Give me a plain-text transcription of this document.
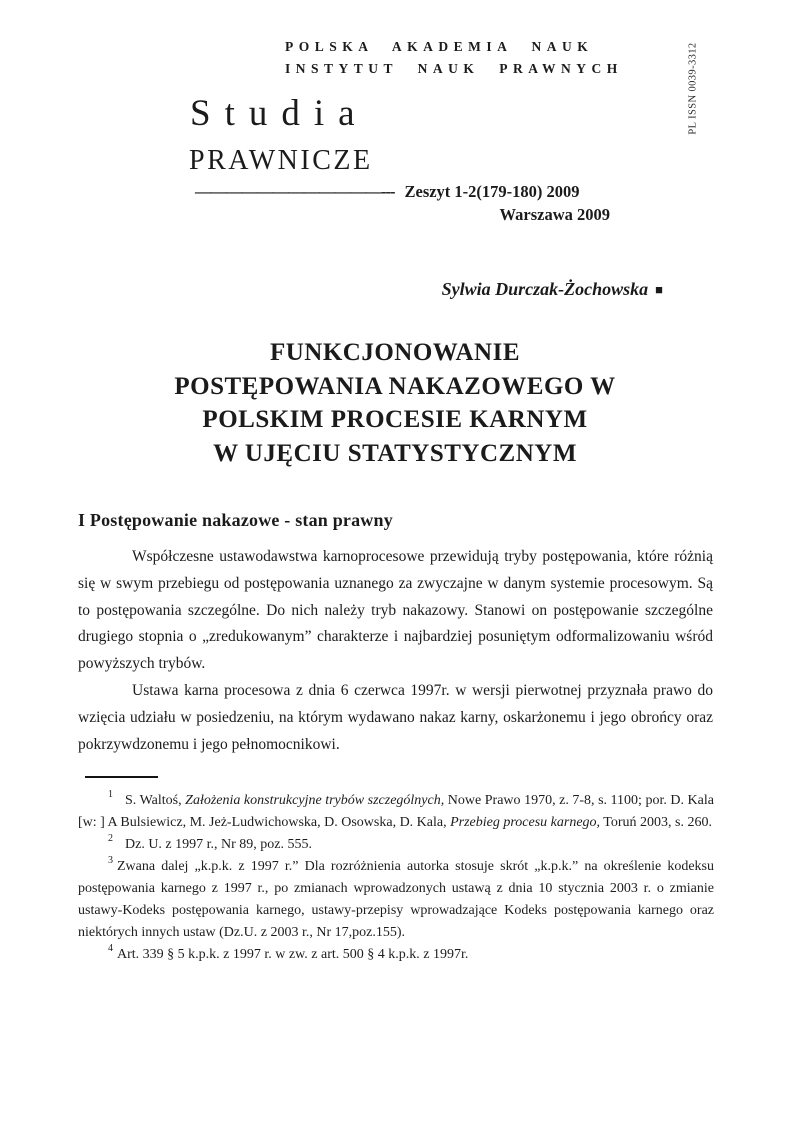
POLSKA AKADEMIA NAUK
INSTYTUT NAUK PRAWNYCH	PL ISSN 0039-3312
Studia
PRAWNICZE
————————————--- Zeszyt 1-2(179-180) 2009
Warszawa 2009
Sylwia Durczak-Żochowska ■
FUNKCJONOWANIE
POSTĘPOWANIA NAKAZOWEGO W
POLSKIM PROCESIE KARNYM
W UJĘCIU STATYSTYCZNYM
I Postępowanie nakazowe - stan prawny

Współczesne ustawodawstwa karnoprocesowe przewidują tryby postępowania, które różnią się w swym przebiegu od postępowania uznanego za zwyczajne w danym systemie procesowym. Są to postępowania szczególne. Do nich należy tryb nakazowy. Stanowi on postępowanie szczególne drugiego stopnia o „zredukowanym” charakterze i najbardziej posuniętym odformalizowaniu wśród powyższych trybów.

Ustawa karna procesowa z dnia 6 czerwca 1997r. w wersji pierwotnej przyznała prawo do wzięcia udziału w posiedzeniu, na którym wydawano nakaz karny, oskarżonemu i jego obrońcy oraz pokrzywdzonemu i jego pełnomocnikowi.

$^1$ S. Waltoś, Założenia konstrukcyjne trybów szczególnych, Nowe Prawo 1970, z. 7-8, s. 1100; por. D. Kala [w: ] A Bulsiewicz, M. Jeż-Ludwichowska, D. Osowska, D. Kala, Przebieg procesu karnego, Toruń 2003, s. 260.
$^2$ Dz. U. z 1997 r., Nr 89, poz. 555.
$^3$ Zwana dalej „k.p.k. z 1997 r.” Dla rozróżnienia autorka stosuje skrót „k.p.k.” na określenie kodeksu postępowania karnego z 1997 r., po zmianach wprowadzonych ustawą z dnia 10 stycznia 2003 r. o zmianie ustawy-Kodeks postępowania karnego, ustawy-przepisy wprowadzające Kodeks postępowania karnego oraz niektórych innych ustaw (Dz.U. z 2003 r., Nr 17,poz.155).
$^4$ Art. 339 § 5 k.p.k. z 1997 r. w zw. z art. 500 § 4 k.p.k. z 1997r.
